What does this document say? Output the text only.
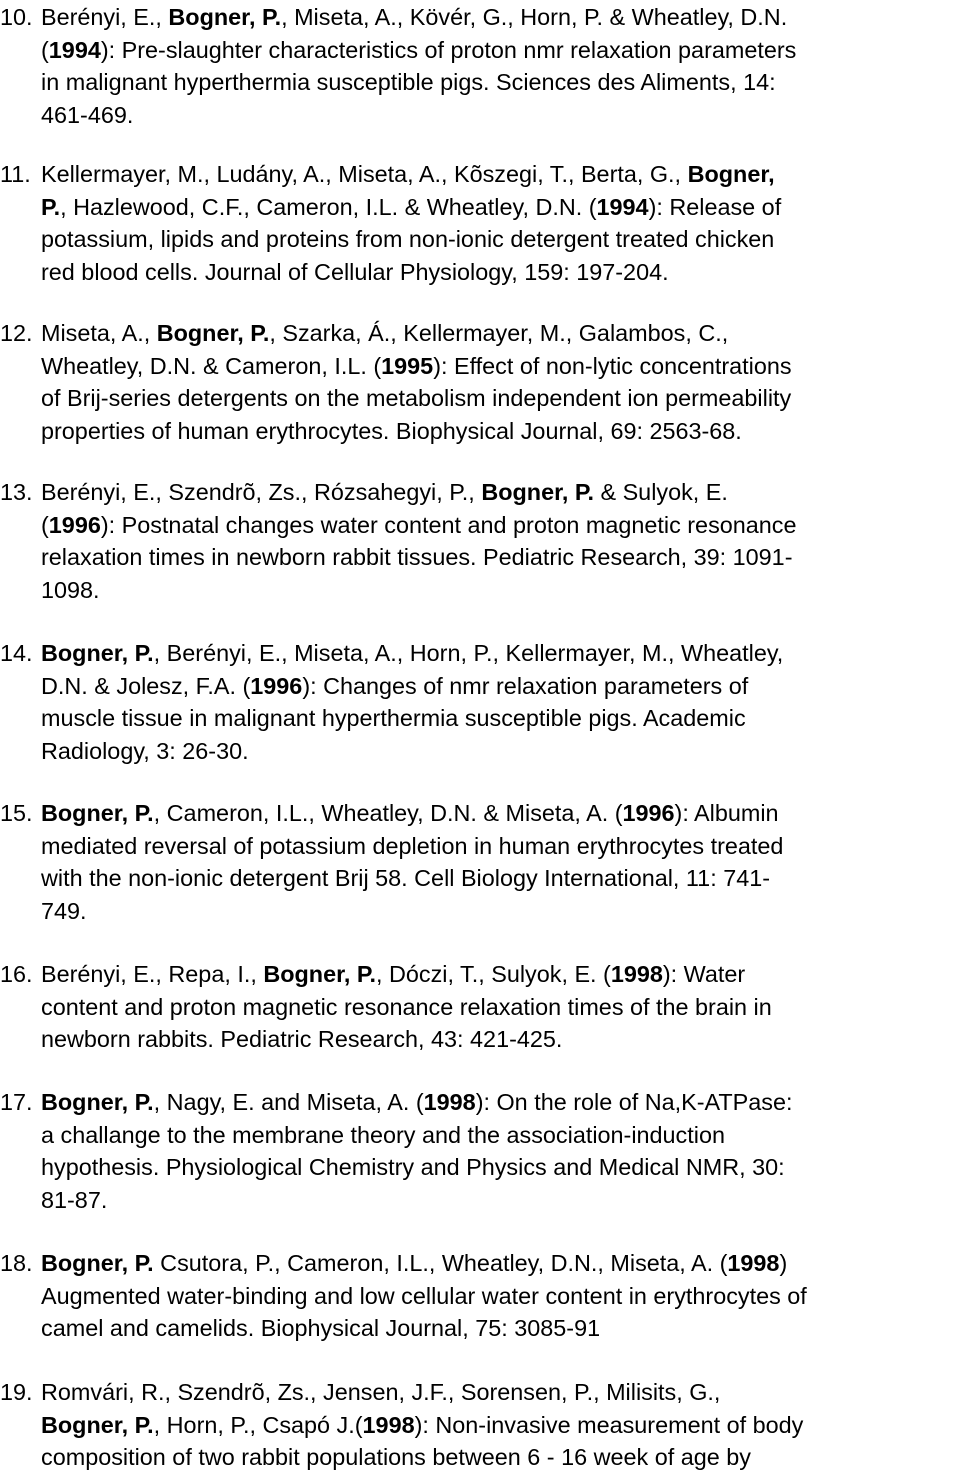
10. Berényi, E., Bogner, P., Miseta, A., Kövér, G., Horn, P. & Wheatley, D.N.
(1994): Pre-slaughter characteristics of proton nmr relaxation parameters
in malignant hyperthermia susceptible pigs. Sciences des Aliments, 14:
461-469.
11. Kellermayer, M., Ludány, A., Miseta, A., Kõszegi, T., Berta, G., Bogner,
P., Hazlewood, C.F., Cameron, I.L. & Wheatley, D.N. (1994): Release of
potassium, lipids and proteins from non-ionic detergent treated chicken
red blood cells. Journal of Cellular Physiology, 159: 197-204.
12. Miseta, A., Bogner, P., Szarka, Á., Kellermayer, M., Galambos, C.,
Wheatley, D.N. & Cameron, I.L. (1995): Effect of non-lytic concentrations
of Brij-series detergents on the metabolism independent ion permeability
properties of human erythrocytes. Biophysical Journal, 69: 2563-68.
13. Berényi, E., Szendrõ, Zs., Rózsahegyi, P., Bogner, P. & Sulyok, E.
(1996): Postnatal changes water content and proton magnetic resonance
relaxation times in newborn rabbit tissues. Pediatric Research, 39: 1091-
1098.
14. Bogner, P., Berényi, E., Miseta, A., Horn, P., Kellermayer, M., Wheatley,
D.N. & Jolesz, F.A. (1996): Changes of nmr relaxation parameters of
muscle tissue in malignant hyperthermia susceptible pigs. Academic
Radiology, 3: 26-30.
15. Bogner, P., Cameron, I.L., Wheatley, D.N. & Miseta, A. (1996): Albumin
mediated reversal of potassium depletion in human erythrocytes treated
with the non-ionic detergent Brij 58. Cell Biology International, 11: 741-
749.
16. Berényi, E., Repa, I., Bogner, P., Dóczi, T., Sulyok, E. (1998): Water
content and proton magnetic resonance relaxation times of the brain in
newborn rabbits. Pediatric Research, 43: 421-425.
17. Bogner, P., Nagy, E. and Miseta, A. (1998): On the role of Na,K-ATPase:
a challange to the membrane theory and the association-induction
hypothesis. Physiological Chemistry and Physics and Medical NMR, 30:
81-87.
18. Bogner, P. Csutora, P., Cameron, I.L., Wheatley, D.N., Miseta, A. (1998)
Augmented water-binding and low cellular water content in erythrocytes of
camel and camelids. Biophysical Journal, 75: 3085-91
19. Romvári, R., Szendrõ, Zs., Jensen, J.F., Sorensen, P., Milisits, G.,
Bogner, P., Horn, P., Csapó J.(1998): Non-invasive measurement of body
composition of two rabbit populations between 6 - 16 week of age by
